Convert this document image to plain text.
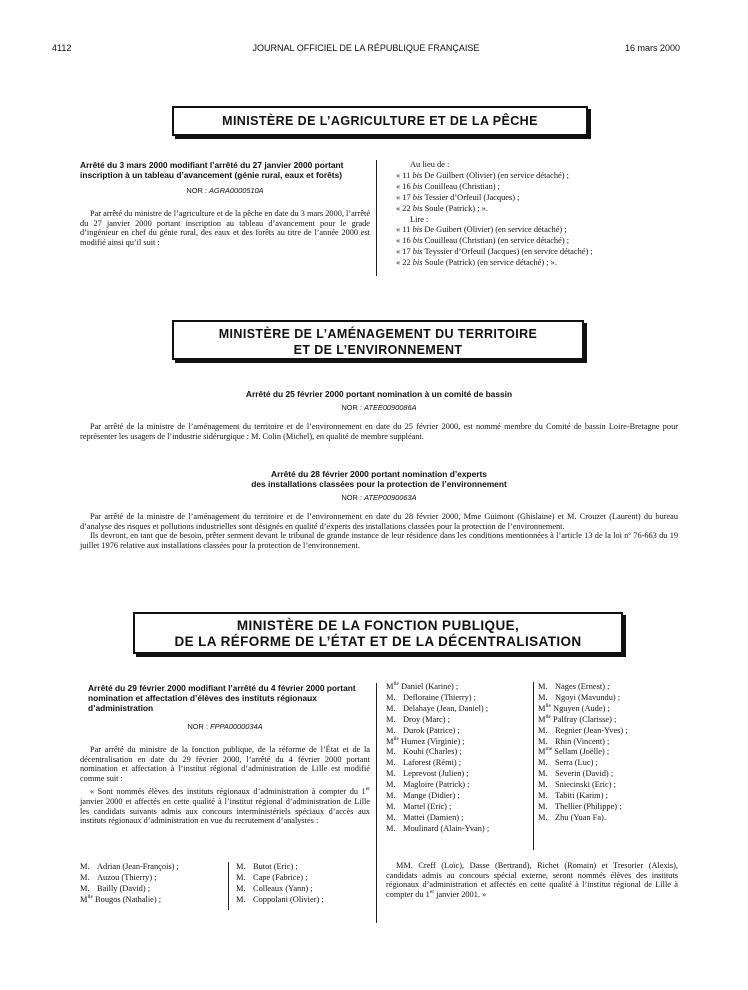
4112	JOURNAL OFFICIEL DE LA RÉPUBLIQUE FRANÇAISE	16 mars 2000
MINISTÈRE DE L’AGRICULTURE ET DE LA PÊCHE
Arrêté du 3 mars 2000 modifiant l’arrêté du 27 janvier 2000 portant inscription à un tableau d’avancement (génie rural, eaux et forêts)
NOR : AGRA0000510A
Par arrêté du ministre de l’agriculture et de la pêche en date du 3 mars 2000, l’arrêté du 27 janvier 2000 portant inscription au tableau d’avancement pour le grade d’ingénieur en chef du génie rural, des eaux et des forêts au titre de l’année 2000 est modifié ainsi qu’il suit :
Au lieu de :
« 11 bis De Guilbert (Olivier) (en service détaché) ;
« 16 bis Couilleau (Christian) ;
« 17 bis Tessier d’Orfeuil (Jacques) ;
« 22 bis Soule (Patrick) ; ».
Lire :
« 11 bis De Guibert (Olivier) (en service détaché) ;
« 16 bis Couilleau (Christian) (en service détaché) ;
« 17 bis Teyssier d’Orfeuil (Jacques) (en service détaché) ;
« 22 bis Soule (Patrick) (en service détaché) ; ».
MINISTÈRE DE L’AMÉNAGEMENT DU TERRITOIRE
ET DE L’ENVIRONNEMENT
Arrêté du 25 février 2000 portant nomination à un comité de bassin
NOR : ATEE0090086A
Par arrêté de la ministre de l’aménagement du territoire et de l’environnement en date du 25 février 2000, est nommé membre du Comité de bassin Loire-Bretagne pour représenter les usagers de l’industrie sidérurgique : M. Colin (Michel), en qualité de membre suppléant.
Arrêté du 28 février 2000 portant nomination d’experts
des installations classées pour la protection de l’environnement
NOR : ATEP0090063A
Par arrêté de la ministre de l’aménagement du territoire et de l’environnement en date du 28 février 2000, Mme Guimont (Ghislaine) et M. Crouzet (Laurent) du bureau d’analyse des risques et pollutions industrielles sont désignés en qualité d’experts des installations classées pour la protection de l’environnement.
Ils devront, en tant que de besoin, prêter serment devant le tribunal de grande instance de leur résidence dans les conditions mentionnées à l’article 13 de la loi nº 76-663 du 19 juillet 1976 relative aux installations classées pour la protection de l’environnement.
MINISTÈRE DE LA FONCTION PUBLIQUE,
DE LA RÉFORME DE L’ÉTAT ET DE LA DÉCENTRALISATION
Arrêté du 29 février 2000 modifiant l’arrêté du 4 février 2000 portant nomination et affectation d’élèves des instituts régionaux d’administration
NOR : FPPA0000034A
Par arrêté du ministre de la fonction publique, de la réforme de l’État et de la décentralisation en date du 29 février 2000, l’arrêté du 4 février 2000 portant nomination et affectation à l’institut régional d’administration de Lille est modifié comme suit :
« Sont nommés élèves des instituts régionaux d’administration à compter du 1er janvier 2000 et affectés en cette qualité à l’institut régional d’administration de Lille les candidats suivants admis aux concours interministériels spéciaux d’accès aux instituts régionaux d’administration en vue du recrutement d’analystes :
M. Adrian (Jean-François) ;
M. Auzou (Thierry) ;
M. Bailly (David) ;
$M^{lle}$ Bougos (Nathalie) ;
M. Butot (Eric) ;
M. Cape (Fabrice) ;
M. Colleaux (Yann) ;
M. Coppolani (Olivier) ;
$M^{lle}$ Daniel (Karine) ;
M. Defloraine (Thierry) ;
M. Delahaye (Jean, Daniel) ;
M. Droy (Marc) ;
M. Durok (Patrice) ;
$M^{lle}$ Humez (Virginie) ;
M. Koubi (Charles) ;
M. Laforest (Rémi) ;
M. Leprevost (Julien) ;
M. Magloire (Patrick) ;
M. Mange (Didier) ;
M. Martel (Eric) ;
M. Mattei (Damien) ;
M. Moulinard (Alain-Yvan) ;
M. Nages (Ernest) ;
M. Ngoyi (Mavundu) ;
$M^{lle}$ Nguyen (Aude) ;
$M^{lle}$ Palfray (Clarisse) ;
M. Regnier (Jean-Yves) ;
M. Rhin (Vincent) ;
$M^{me}$ Sellam (Joëlle) ;
M. Serra (Luc) ;
M. Severin (David) ;
M. Sniecinski (Eric) ;
M. Tabiti (Karim) ;
M. Thellier (Philippe) ;
M. Zhu (Yuan Fa).
MM. Creff (Loïc), Dasse (Bertrand), Richet (Romain) et Tresorier (Alexis), candidats admis au concours spécial externe, seront nommés élèves des instituts régionaux d’administration et affectés en cette qualité à l’institut régional de Lille à compter du 1er janvier 2001. »
